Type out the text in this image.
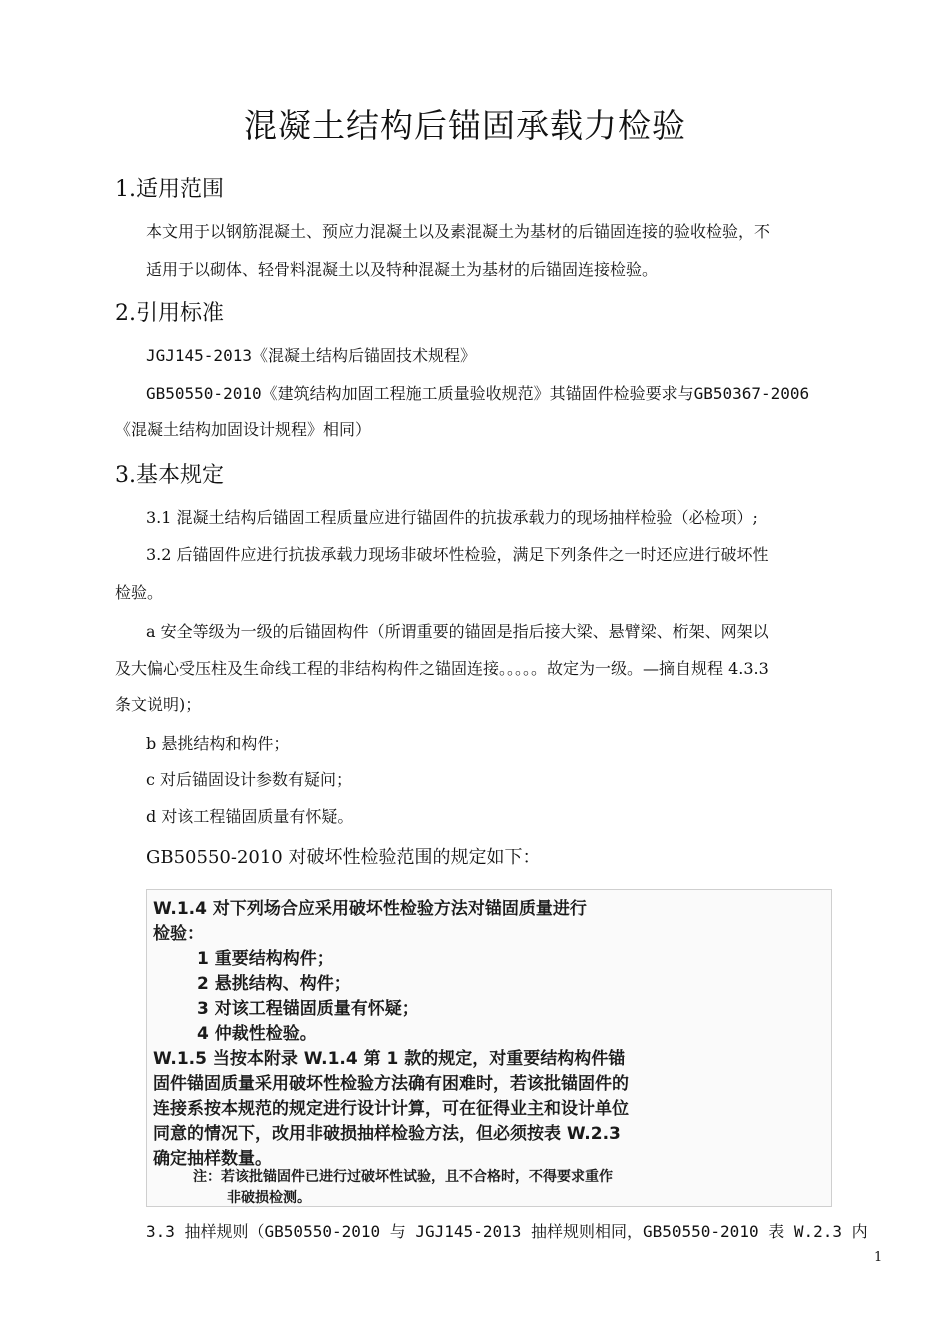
混凝土结构后锚固承载力检验
1.适用范围
本文用于以钢筋混凝土、预应力混凝土以及素混凝土为基材的后锚固连接的验收检验，不
适用于以砌体、轻骨料混凝土以及特种混凝土为基材的后锚固连接检验。
2.引用标准
JGJ145-2013《混凝土结构后锚固技术规程》
GB50550-2010《建筑结构加固工程施工质量验收规范》其锚固件检验要求与GB50367-2006
《混凝土结构加固设计规程》相同）
3.基本规定
3.1 混凝土结构后锚固工程质量应进行锚固件的抗拔承载力的现场抽样检验（必检项）;
3.2 后锚固件应进行抗拔承载力现场非破坏性检验，满足下列条件之一时还应进行破坏性
检验。
a 安全等级为一级的后锚固构件（所谓重要的锚固是指后接大梁、悬臂梁、桁架、网架以
及大偏心受压柱及生命线工程的非结构构件之锚固连接。。。。。故定为一级。—摘自规程 4.3.3
条文说明)；
b 悬挑结构和构件；
c 对后锚固设计参数有疑问；
d 对该工程锚固质量有怀疑。
GB50550-2010 对破坏性检验范围的规定如下：
W.1.4 对下列场合应采用破坏性检验方法对锚固质量进行
检验：
1 重要结构构件；
2 悬挑结构、构件；
3 对该工程锚固质量有怀疑；
4 仲裁性检验。
W.1.5 当按本附录 W.1.4 第 1 款的规定，对重要结构构件锚
固件锚固质量采用破坏性检验方法确有困难时，若该批锚固件的
连接系按本规范的规定进行设计计算，可在征得业主和设计单位
同意的情况下，改用非破损抽样检验方法，但必须按表 W.2.3
确定抽样数量。
注：若该批锚固件已进行过破坏性试验，且不合格时，不得要求重作
非破损检测。
3.3 抽样规则（GB50550-2010 与 JGJ145-2013 抽样规则相同，GB50550-2010 表 W.2.3 内
1
